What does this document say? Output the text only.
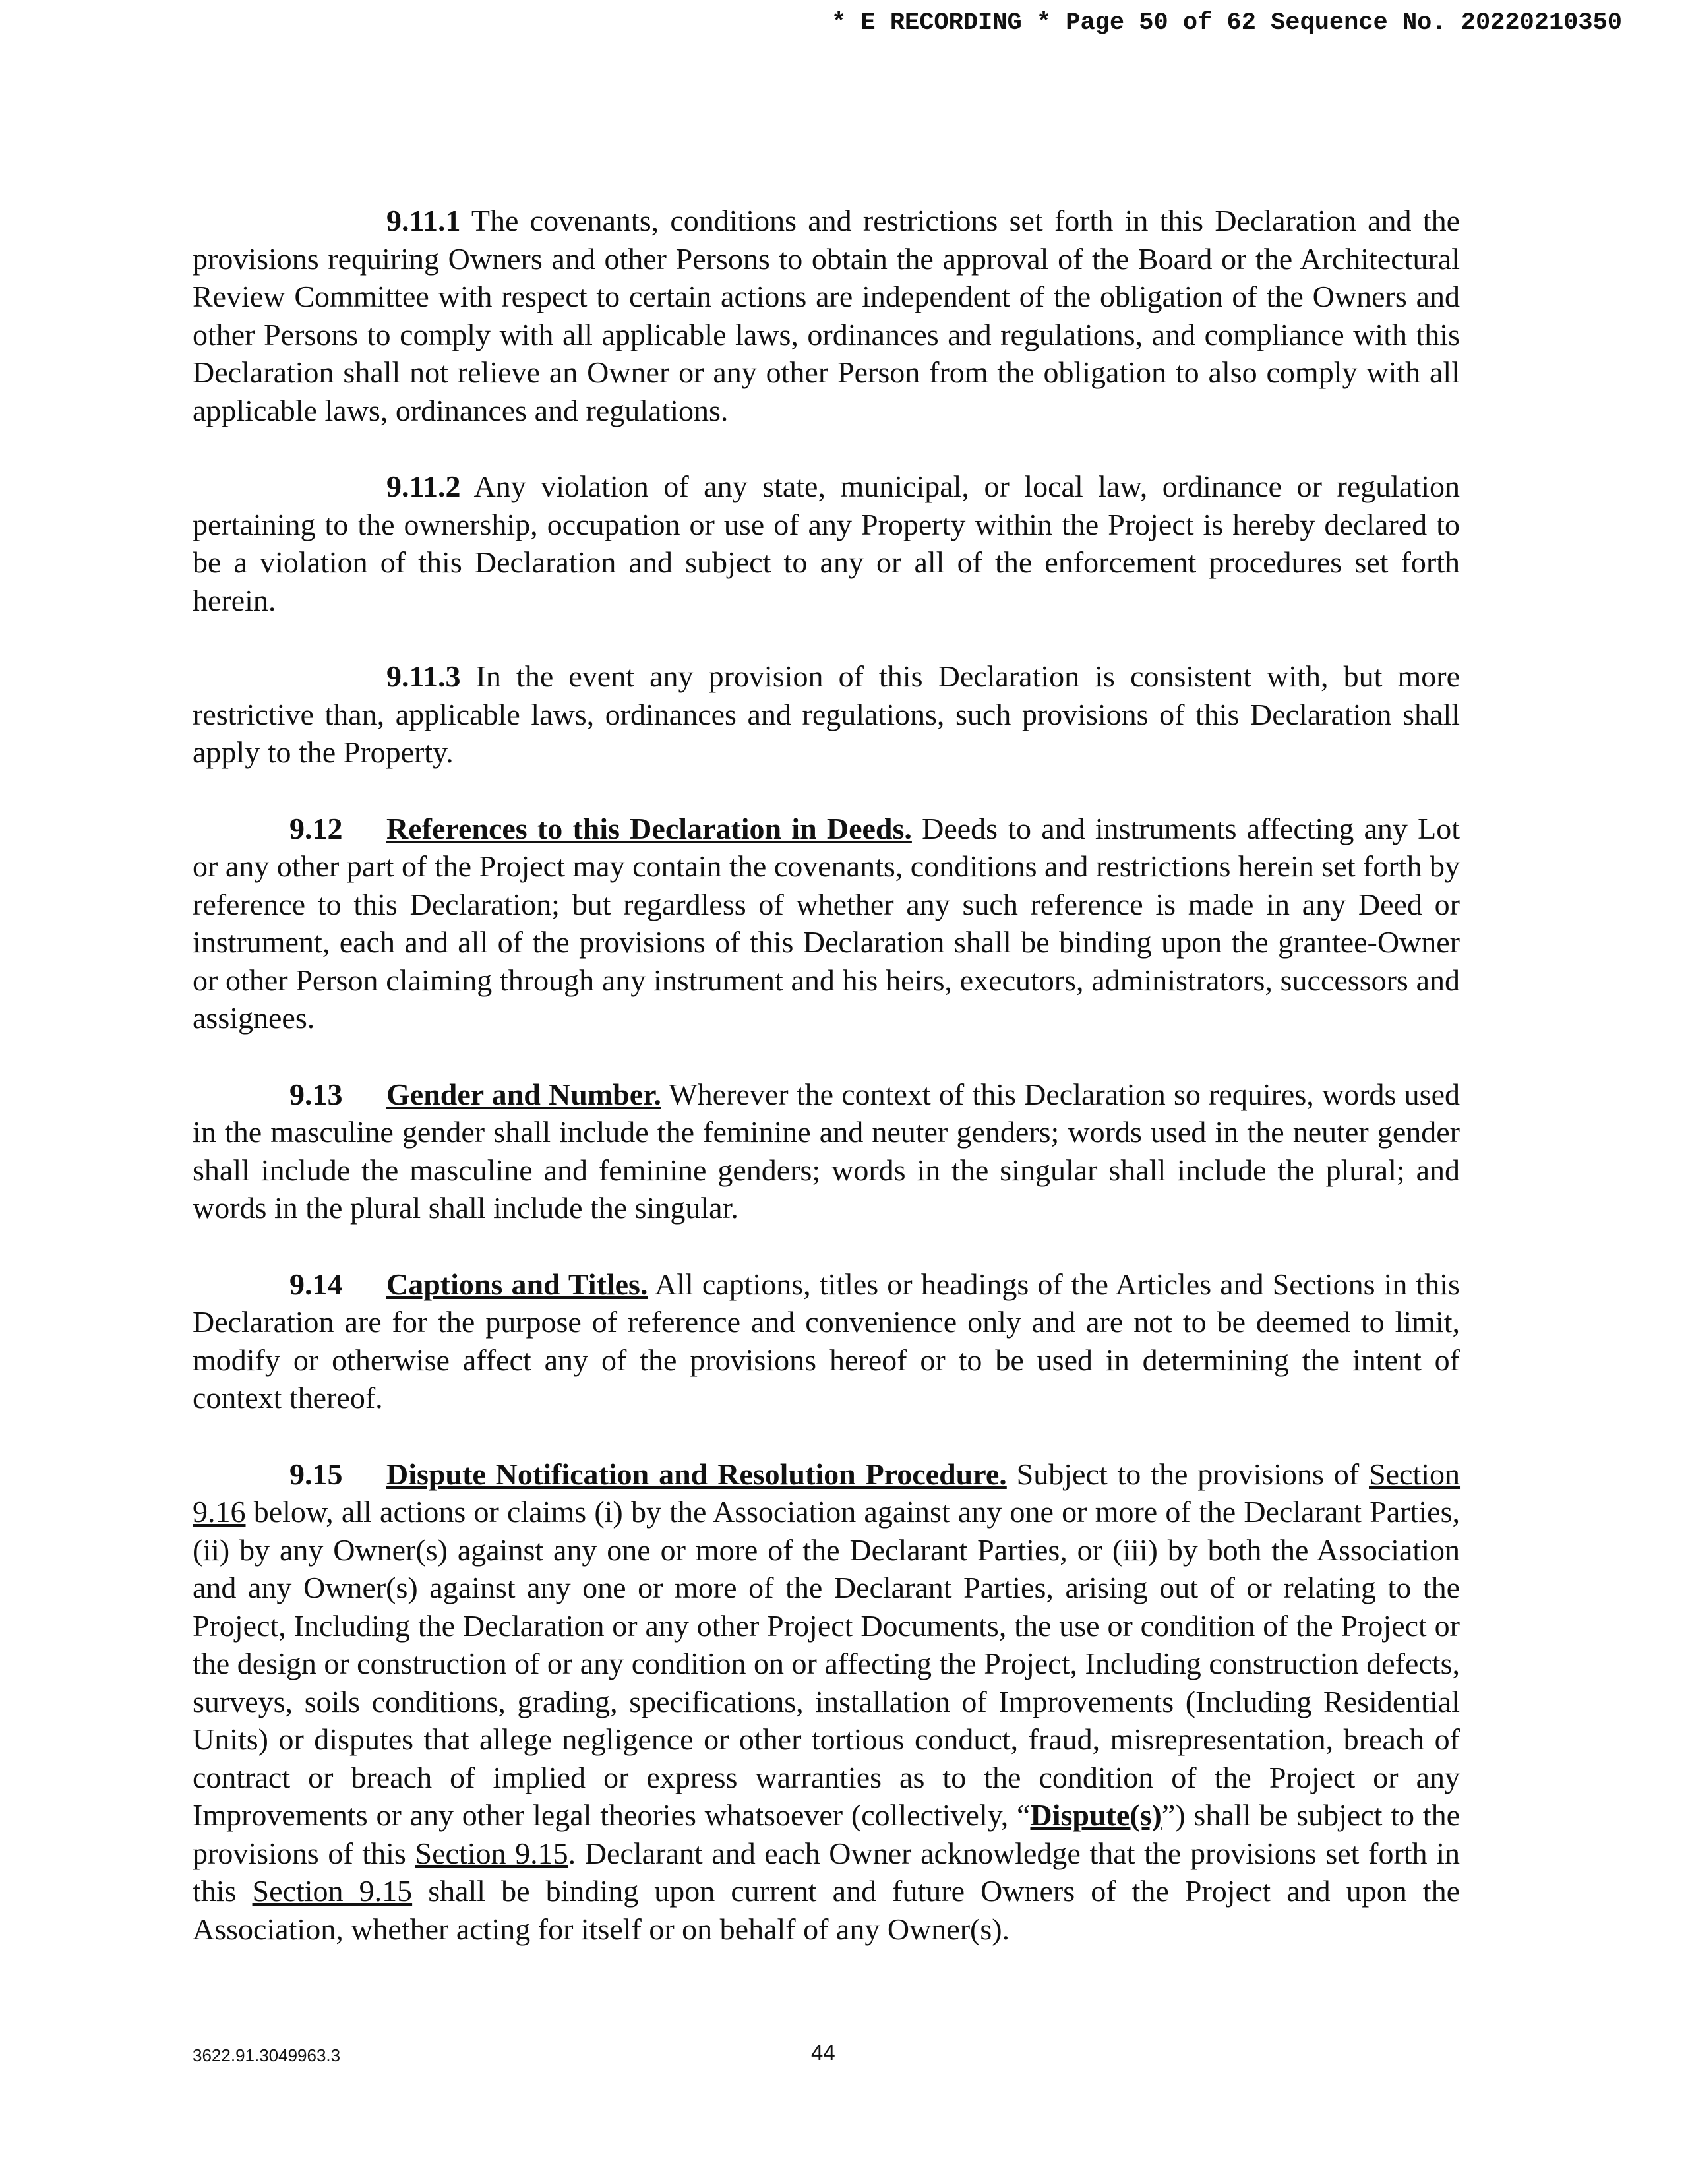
* E RECORDING * Page 50 of 62 Sequence No. 20220210350

9.11.1 The covenants, conditions and restrictions set forth in this Declaration and the provisions requiring Owners and other Persons to obtain the approval of the Board or the Architectural Review Committee with respect to certain actions are independent of the obligation of the Owners and other Persons to comply with all applicable laws, ordinances and regulations, and compliance with this Declaration shall not relieve an Owner or any other Person from the obligation to also comply with all applicable laws, ordinances and regulations.

9.11.2 Any violation of any state, municipal, or local law, ordinance or regulation pertaining to the ownership, occupation or use of any Property within the Project is hereby declared to be a violation of this Declaration and subject to any or all of the enforcement procedures set forth herein.

9.11.3 In the event any provision of this Declaration is consistent with, but more restrictive than, applicable laws, ordinances and regulations, such provisions of this Declaration shall apply to the Property.

9.12 References to this Declaration in Deeds. Deeds to and instruments affecting any Lot or any other part of the Project may contain the covenants, conditions and restrictions herein set forth by reference to this Declaration; but regardless of whether any such reference is made in any Deed or instrument, each and all of the provisions of this Declaration shall be binding upon the grantee-Owner or other Person claiming through any instrument and his heirs, executors, administrators, successors and assignees.

9.13 Gender and Number. Wherever the context of this Declaration so requires, words used in the masculine gender shall include the feminine and neuter genders; words used in the neuter gender shall include the masculine and feminine genders; words in the singular shall include the plural; and words in the plural shall include the singular.

9.14 Captions and Titles. All captions, titles or headings of the Articles and Sections in this Declaration are for the purpose of reference and convenience only and are not to be deemed to limit, modify or otherwise affect any of the provisions hereof or to be used in determining the intent of context thereof.

9.15 Dispute Notification and Resolution Procedure. Subject to the provisions of Section 9.16 below, all actions or claims (i) by the Association against any one or more of the Declarant Parties, (ii) by any Owner(s) against any one or more of the Declarant Parties, or (iii) by both the Association and any Owner(s) against any one or more of the Declarant Parties, arising out of or relating to the Project, Including the Declaration or any other Project Documents, the use or condition of the Project or the design or construction of or any condition on or affecting the Project, Including construction defects, surveys, soils conditions, grading, specifications, installation of Improvements (Including Residential Units) or disputes that allege negligence or other tortious conduct, fraud, misrepresentation, breach of contract or breach of implied or express warranties as to the condition of the Project or any Improvements or any other legal theories whatsoever (collectively, “Dispute(s)”) shall be subject to the provisions of this Section 9.15. Declarant and each Owner acknowledge that the provisions set forth in this Section 9.15 shall be binding upon current and future Owners of the Project and upon the Association, whether acting for itself or on behalf of any Owner(s).

3622.91.3049963.3	44
